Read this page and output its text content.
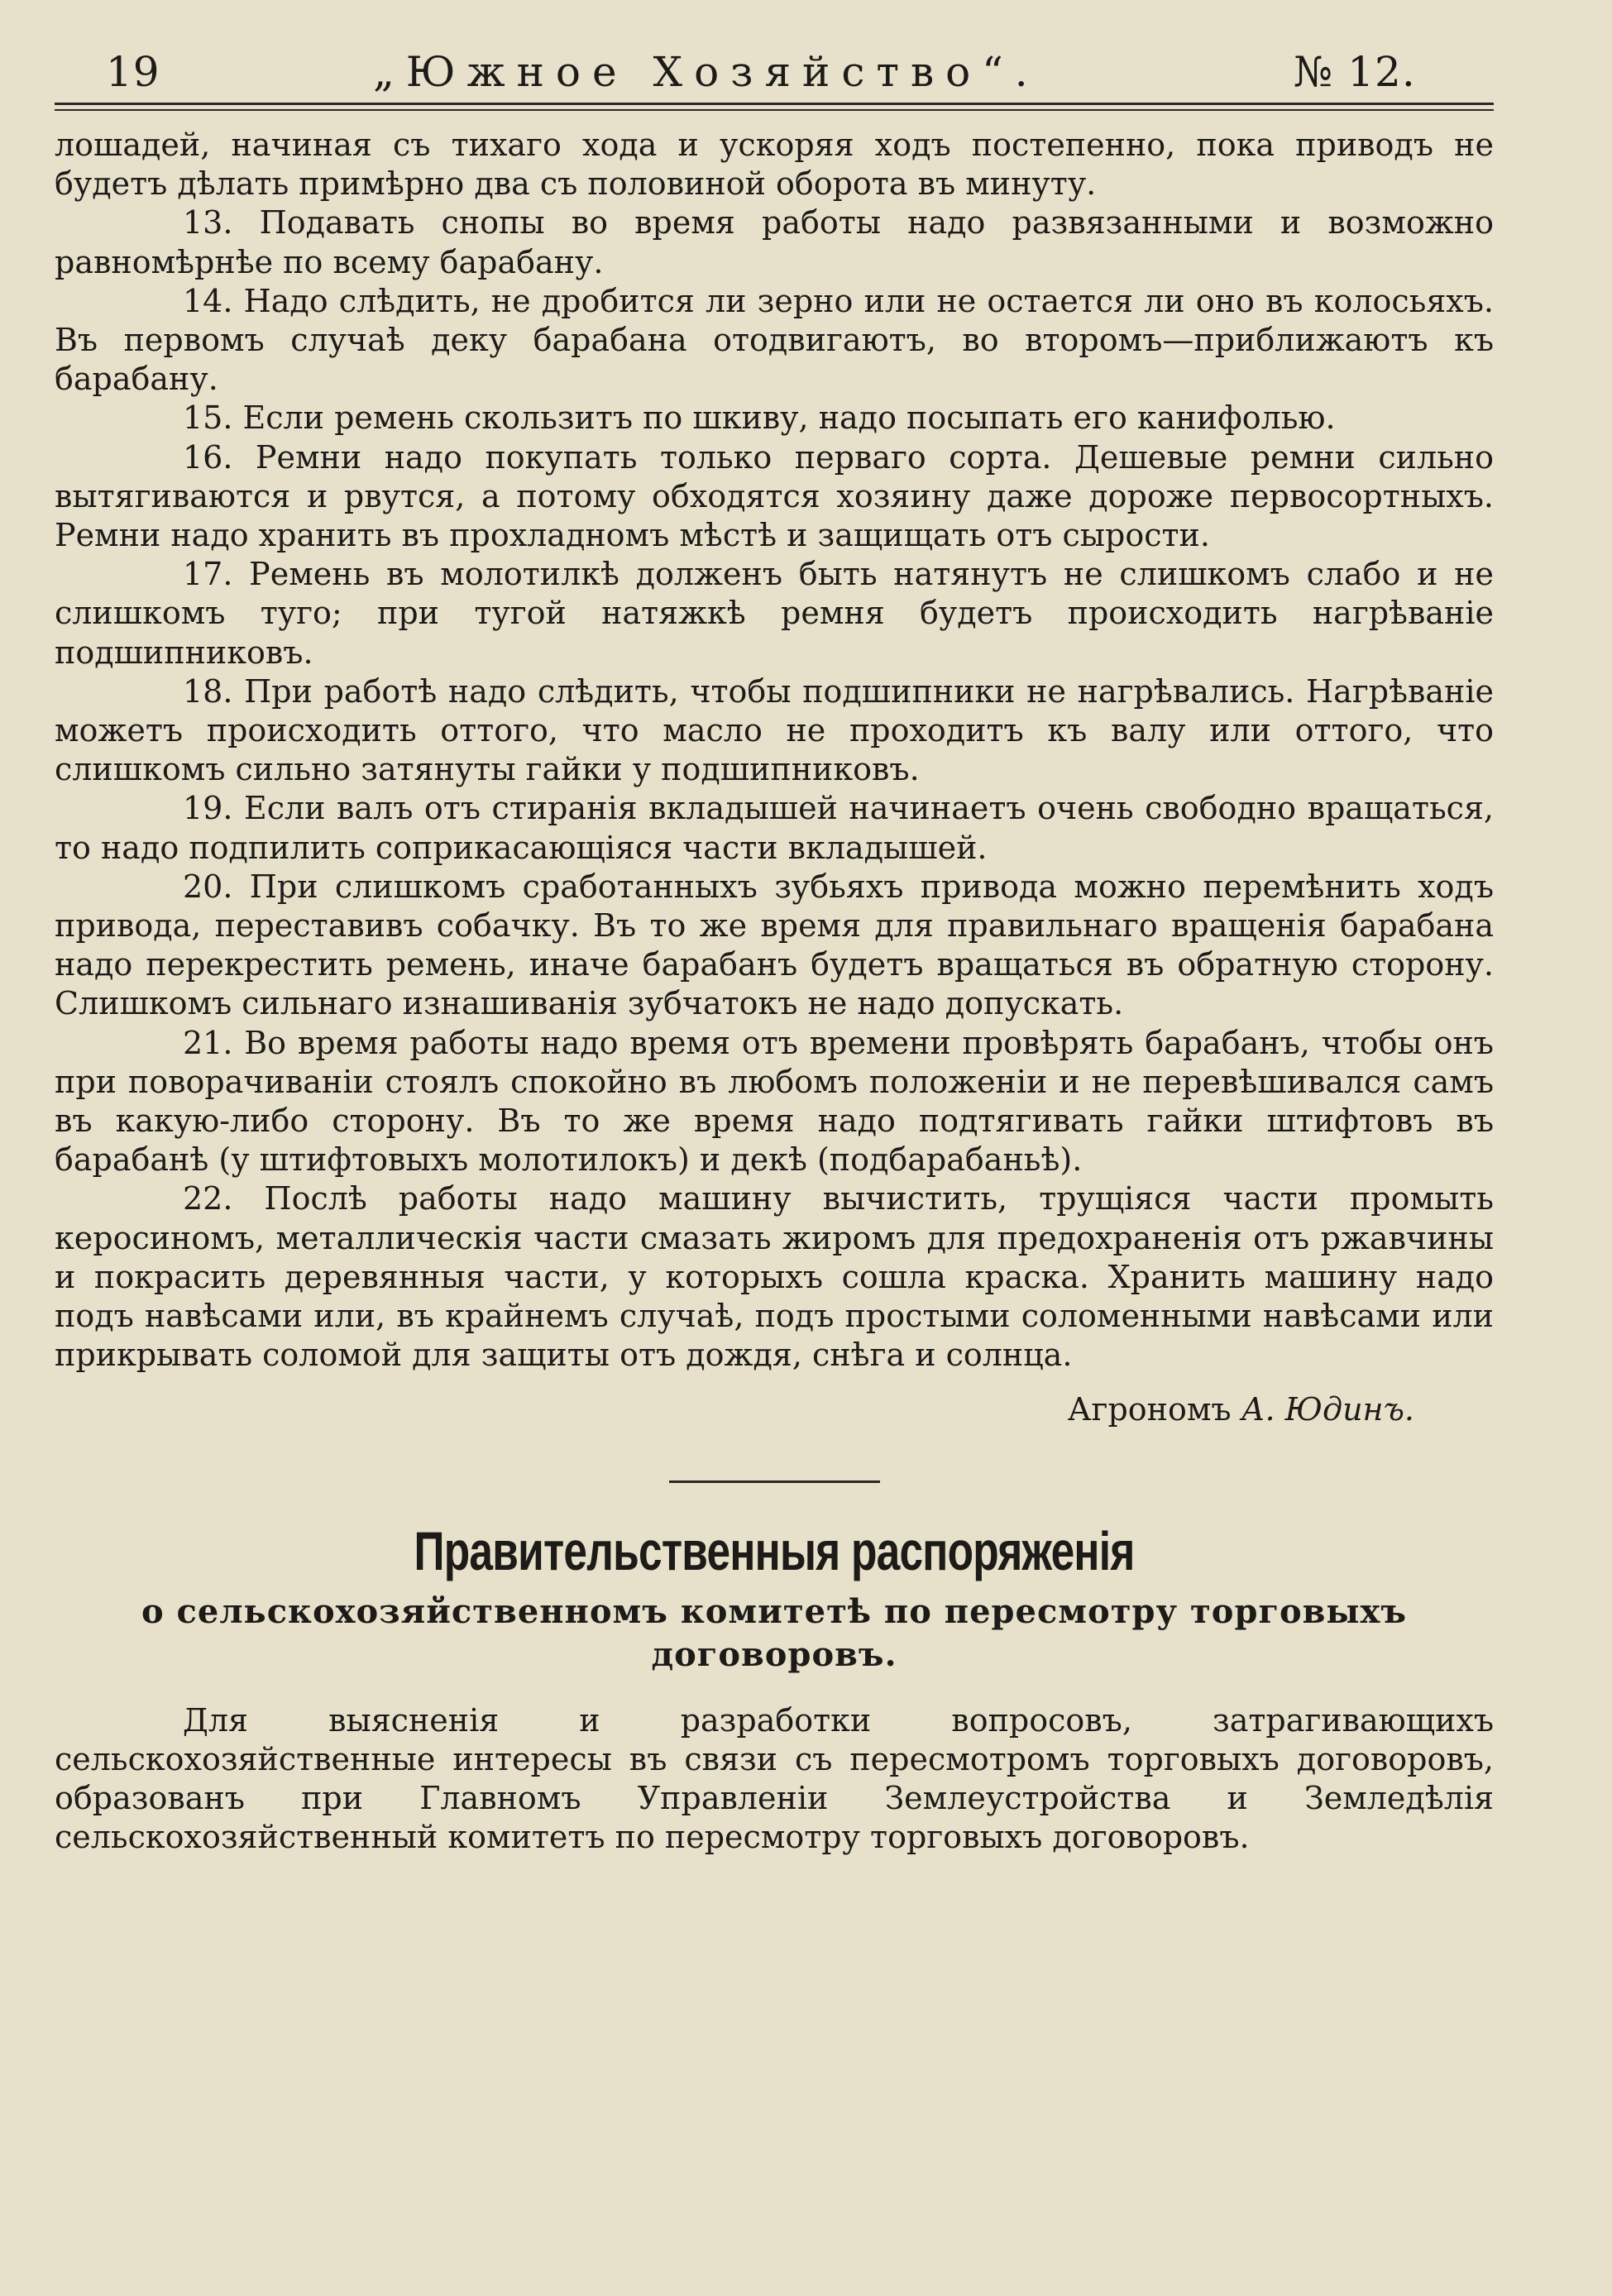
19	„Южное Хозяйство“.	№ 12.

лошадей, начиная съ тихаго хода и ускоряя ходъ постепенно, пока приводъ не будетъ дѣлать примѣрно два съ половиной оборота въ минуту.

13. Подавать снопы во время работы надо развязанными и возможно равномѣрнѣе по всему барабану.

14. Надо слѣдить, не дробится ли зерно или не остается ли оно въ колосьяхъ. Въ первомъ случаѣ деку барабана отодвигаютъ, во второмъ—приближаютъ къ барабану.

15. Если ремень скользитъ по шкиву, надо посыпать его канифолью.

16. Ремни надо покупать только перваго сорта. Дешевые ремни сильно вытягиваются и рвутся, а потому обходятся хозяину даже дороже первосортныхъ. Ремни надо хранить въ прохладномъ мѣстѣ и защищать отъ сырости.

17. Ремень въ молотилкѣ долженъ быть натянутъ не слишкомъ слабо и не слишкомъ туго; при тугой натяжкѣ ремня будетъ происходить нагрѣваніе подшипниковъ.

18. При работѣ надо слѣдить, чтобы подшипники не нагрѣвались. Нагрѣваніе можетъ происходить оттого, что масло не проходитъ къ валу или оттого, что слишкомъ сильно затянуты гайки у подшипниковъ.

19. Если валъ отъ стиранія вкладышей начинаетъ очень свободно вращаться, то надо подпилить соприкасающіяся части вкладышей.

20. При слишкомъ сработанныхъ зубьяхъ привода можно перемѣнить ходъ привода, переставивъ собачку. Въ то же время для правильнаго вращенія барабана надо перекрестить ремень, иначе барабанъ будетъ вращаться въ обратную сторону. Слишкомъ сильнаго изнашиванія зубчатокъ не надо допускать.

21. Во время работы надо время отъ времени провѣрять барабанъ, чтобы онъ при поворачиваніи стоялъ спокойно въ любомъ положеніи и не перевѣшивался самъ въ какую-либо сторону. Въ то же время надо подтягивать гайки штифтовъ въ барабанѣ (у штифтовыхъ молотилокъ) и декѣ (подбарабаньѣ).

22. Послѣ работы надо машину вычистить, трущіяся части промыть керосиномъ, металлическія части смазать жиромъ для предохраненія отъ ржавчины и покрасить деревянныя части, у которыхъ сошла краска. Хранить машину надо подъ навѣсами или, въ крайнемъ случаѣ, подъ простыми соломенными навѣсами или прикрывать соломой для защиты отъ дождя, снѣга и солнца.

Агрономъ А. Юдинъ.
Правительственныя распоряженія
о сельскохозяйственномъ комитетѣ по пересмотру торговыхъ договоровъ.

Для выясненія и разработки вопросовъ, затрагивающихъ сельскохозяйственные интересы въ связи съ пересмотромъ торговыхъ договоровъ, образованъ при Главномъ Управленіи Землеустройства и Земледѣлія сельскохозяйственный комитетъ по пересмотру торговыхъ договоровъ.
